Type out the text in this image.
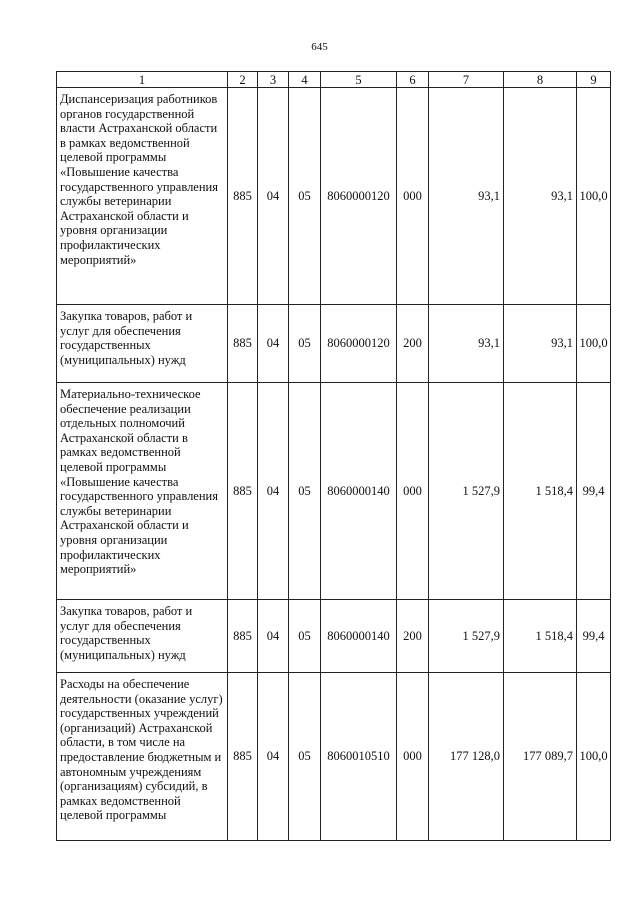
645
1	2	3	4	5	6	7	8	9
Диспансеризация работников органов государственной власти Астраханской области в рамках ведомственной целевой программы «Повышение качества государственного управления службы ветеринарии Астраханской области и уровня организации профилактических мероприятий»	885	04	05	8060000120	000	93,1	93,1	100,0
Закупка товаров, работ и услуг для обеспечения государственных (муниципальных) нужд	885	04	05	8060000120	200	93,1	93,1	100,0
Материально-техническое обеспечение реализации отдельных полномочий Астраханской области в рамках ведомственной целевой программы «Повышение качества государственного управления службы ветеринарии Астраханской области и уровня организации профилактических мероприятий»	885	04	05	8060000140	000	1 527,9	1 518,4	99,4
Закупка товаров, работ и услуг для обеспечения государственных (муниципальных) нужд	885	04	05	8060000140	200	1 527,9	1 518,4	99,4
Расходы на обеспечение деятельности (оказание услуг) государственных учреждений (организаций) Астраханской области, в том числе на предоставление бюджетным и автономным учреждениям (организациям) субсидий, в рамках ведомственной целевой программы	885	04	05	8060010510	000	177 128,0	177 089,7	100,0
